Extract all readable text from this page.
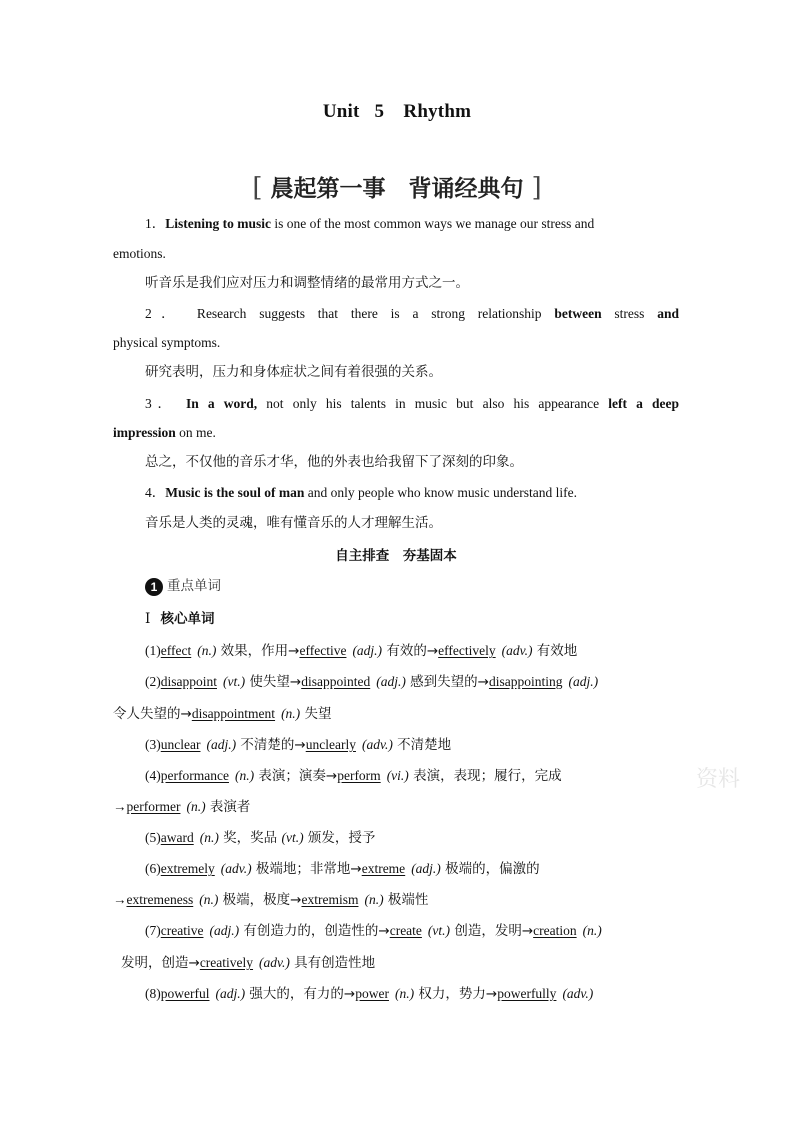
Unit 5　Rhythm
[ 晨起第一事　背诵经典句 ]
1．Listening to music is one of the most common ways we manage our stress and
emotions.
听音乐是我们应对压力和调整情绪的最常用方式之一。
2． Research suggests that there is a strong relationship between stress and
physical symptoms.
研究表明，压力和身体症状之间有着很强的关系。
3． In a word, not only his talents in music but also his appearance left a deep
impression on me.
总之，不仅他的音乐才华，他的外表也给我留下了深刻的印象。
4．Music is the soul of man and only people who know music understand life.
音乐是人类的灵魂，唯有懂音乐的人才理解生活。
自主排查　夯基固本
1 重点单词
Ⅰ 核心单词
(1)effect (n.) 效果，作用→effective (adj.) 有效的→effectively (adv.) 有效地
(2)disappoint (vt.) 使失望→disappointed (adj.) 感到失望的→disappointing (adj.)
令人失望的→disappointment (n.) 失望
(3)unclear (adj.) 不清楚的→unclearly (adv.) 不清楚地
(4)performance (n.) 表演；演奏→perform (vi.) 表演，表现；履行，完成
→performer (n.) 表演者
(5)award (n.) 奖，奖品 (vt.) 颁发，授予
(6)extremely (adv.) 极端地；非常地→extreme (adj.) 极端的，偏激的
→extremeness (n.) 极端，极度→extremism (n.) 极端性
(7)creative (adj.) 有创造力的，创造性的→create (vt.) 创造，发明→creation (n.)
发明，创造→creatively (adv.) 具有创造性地
(8)powerful (adj.) 强大的，有力的→power (n.) 权力，势力→powerfully (adv.)
资料
